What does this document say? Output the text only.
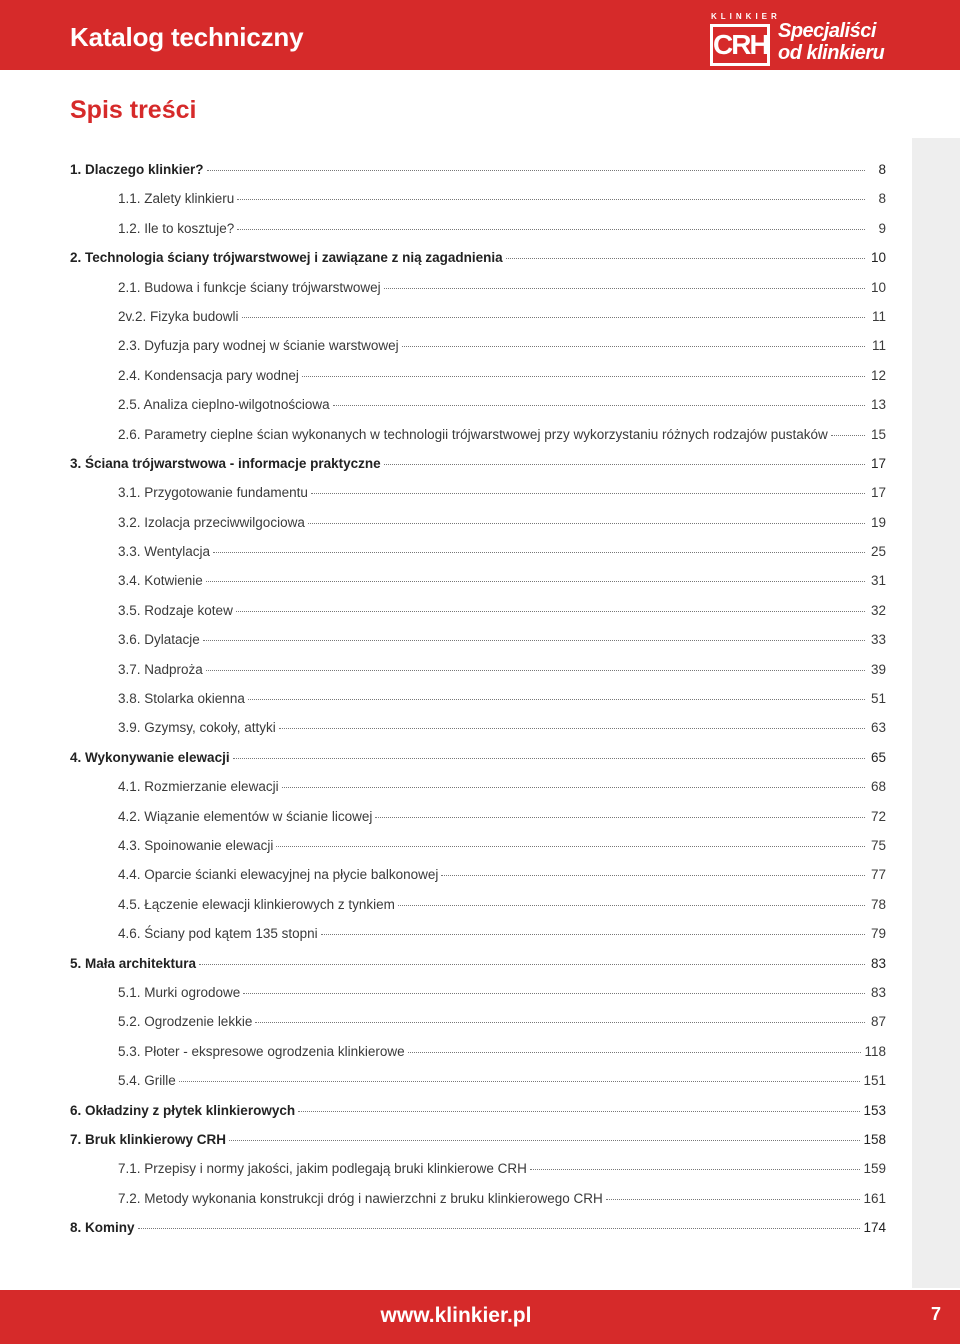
Katalog techniczny
KLINKIER
CRH Specjaliści
od klinkieru
Spis treści
1. Dlaczego klinkier?	8
1.1. Zalety klinkieru	8
1.2. Ile to kosztuje?	9
2. Technologia ściany trójwarstwowej i zawiązane z nią zagadnienia	10
2.1. Budowa i funkcje ściany trójwarstwowej	10
2v.2. Fizyka budowli	11
2.3. Dyfuzja pary wodnej w ścianie warstwowej	11
2.4. Kondensacja pary wodnej	12
2.5. Analiza cieplno-wilgotnościowa	13
2.6. Parametry cieplne ścian wykonanych w technologii trójwarstwowej przy wykorzystaniu różnych rodzajów pustaków	15
3. Ściana trójwarstwowa - informacje praktyczne	17
3.1. Przygotowanie fundamentu	17
3.2. Izolacja przeciwwilgociowa	19
3.3. Wentylacja	25
3.4. Kotwienie	31
3.5. Rodzaje kotew	32
3.6. Dylatacje	33
3.7. Nadproża	39
3.8. Stolarka okienna	51
3.9. Gzymsy, cokoły, attyki	63
4. Wykonywanie elewacji	65
4.1. Rozmierzanie elewacji	68
4.2. Wiązanie elementów w ścianie licowej	72
4.3. Spoinowanie elewacji	75
4.4. Oparcie ścianki elewacyjnej na płycie balkonowej	77
4.5. Łączenie elewacji klinkierowych z tynkiem	78
4.6. Ściany pod kątem 135 stopni	79
5. Mała architektura	83
5.1. Murki ogrodowe	83
5.2. Ogrodzenie lekkie	87
5.3. Płoter - ekspresowe ogrodzenia klinkierowe	118
5.4. Grille	151
6. Okładziny z płytek klinkierowych	153
7. Bruk klinkierowy CRH	158
7.1. Przepisy i normy jakości, jakim podlegają bruki klinkierowe CRH	159
7.2. Metody wykonania konstrukcji dróg i nawierzchni z bruku klinkierowego CRH	161
8. Kominy	174
www.klinkier.pl	7
